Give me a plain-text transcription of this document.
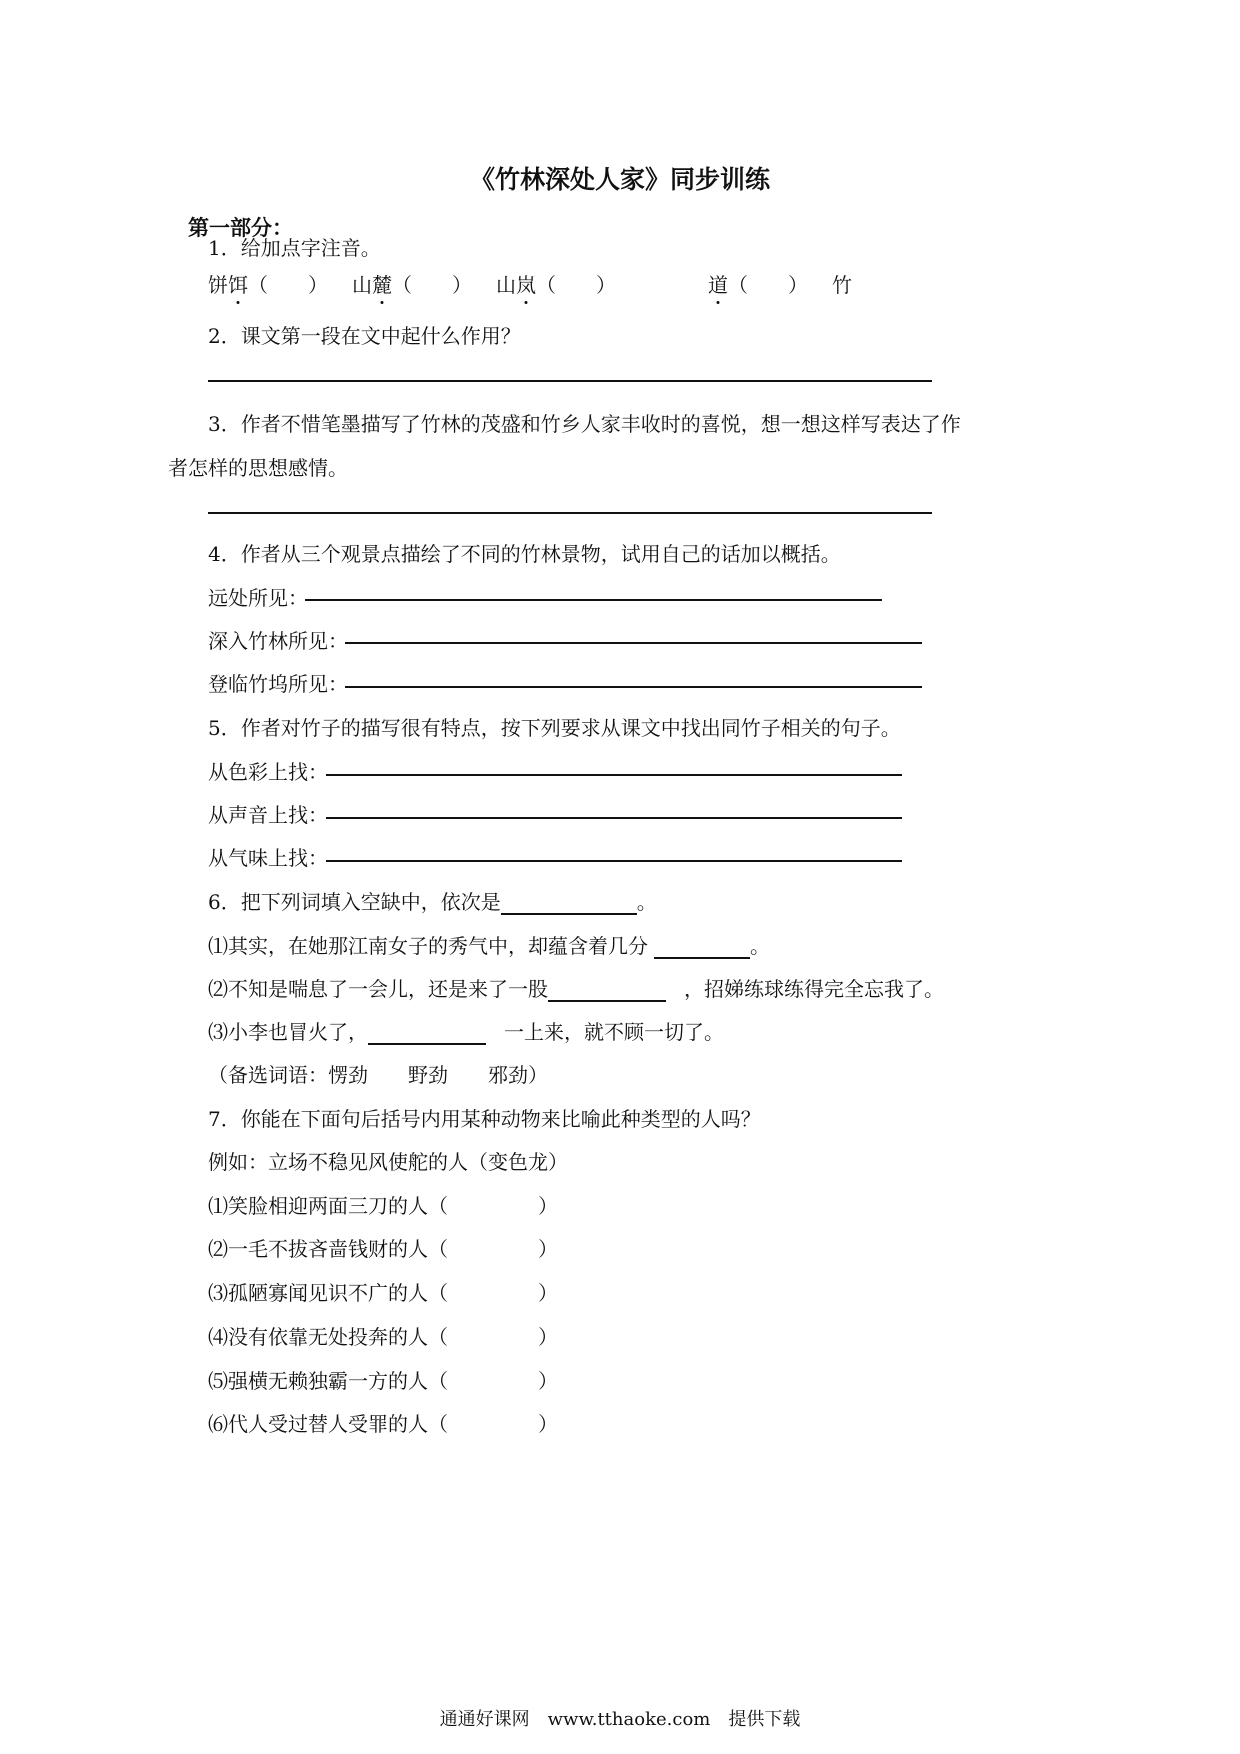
《竹林深处人家》同步训练
第一部分：
1．给加点字注音。
饼饵（　　） 山麓（　　） 山岚（　　）	道（　　） 竹
2．课文第一段在文中起什么作用？
3．作者不惜笔墨描写了竹林的茂盛和竹乡人家丰收时的喜悦，想一想这样写表达了作
者怎样的思想感情。
4．作者从三个观景点描绘了不同的竹林景物，试用自己的话加以概括。
远处所见：
深入竹林所见：
登临竹坞所见：
5．作者对竹子的描写很有特点，按下列要求从课文中找出同竹子相关的句子。
从色彩上找：
从声音上找：
从气味上找：
6．把下列词填入空缺中，依次是	。
⑴其实，在她那江南女子的秀气中，却蕴含着几分	。
⑵不知是喘息了一会儿，还是来了一股	，招娣练球练得完全忘我了。
⑶小李也冒火了，	一上来，就不顾一切了。
（备选词语：愣劲　　野劲　　邪劲）
7．你能在下面句后括号内用某种动物来比喻此种类型的人吗？
例如：立场不稳见风使舵的人（变色龙）
⑴笑脸相迎两面三刀的人（	）
⑵一毛不拔吝啬钱财的人（	）
⑶孤陋寡闻见识不广的人（	）
⑷没有依靠无处投奔的人（	）
⑸强横无赖独霸一方的人（	）
⑹代人受过替人受罪的人（	）
通通好课网　www.tthaoke.com　提供下载
